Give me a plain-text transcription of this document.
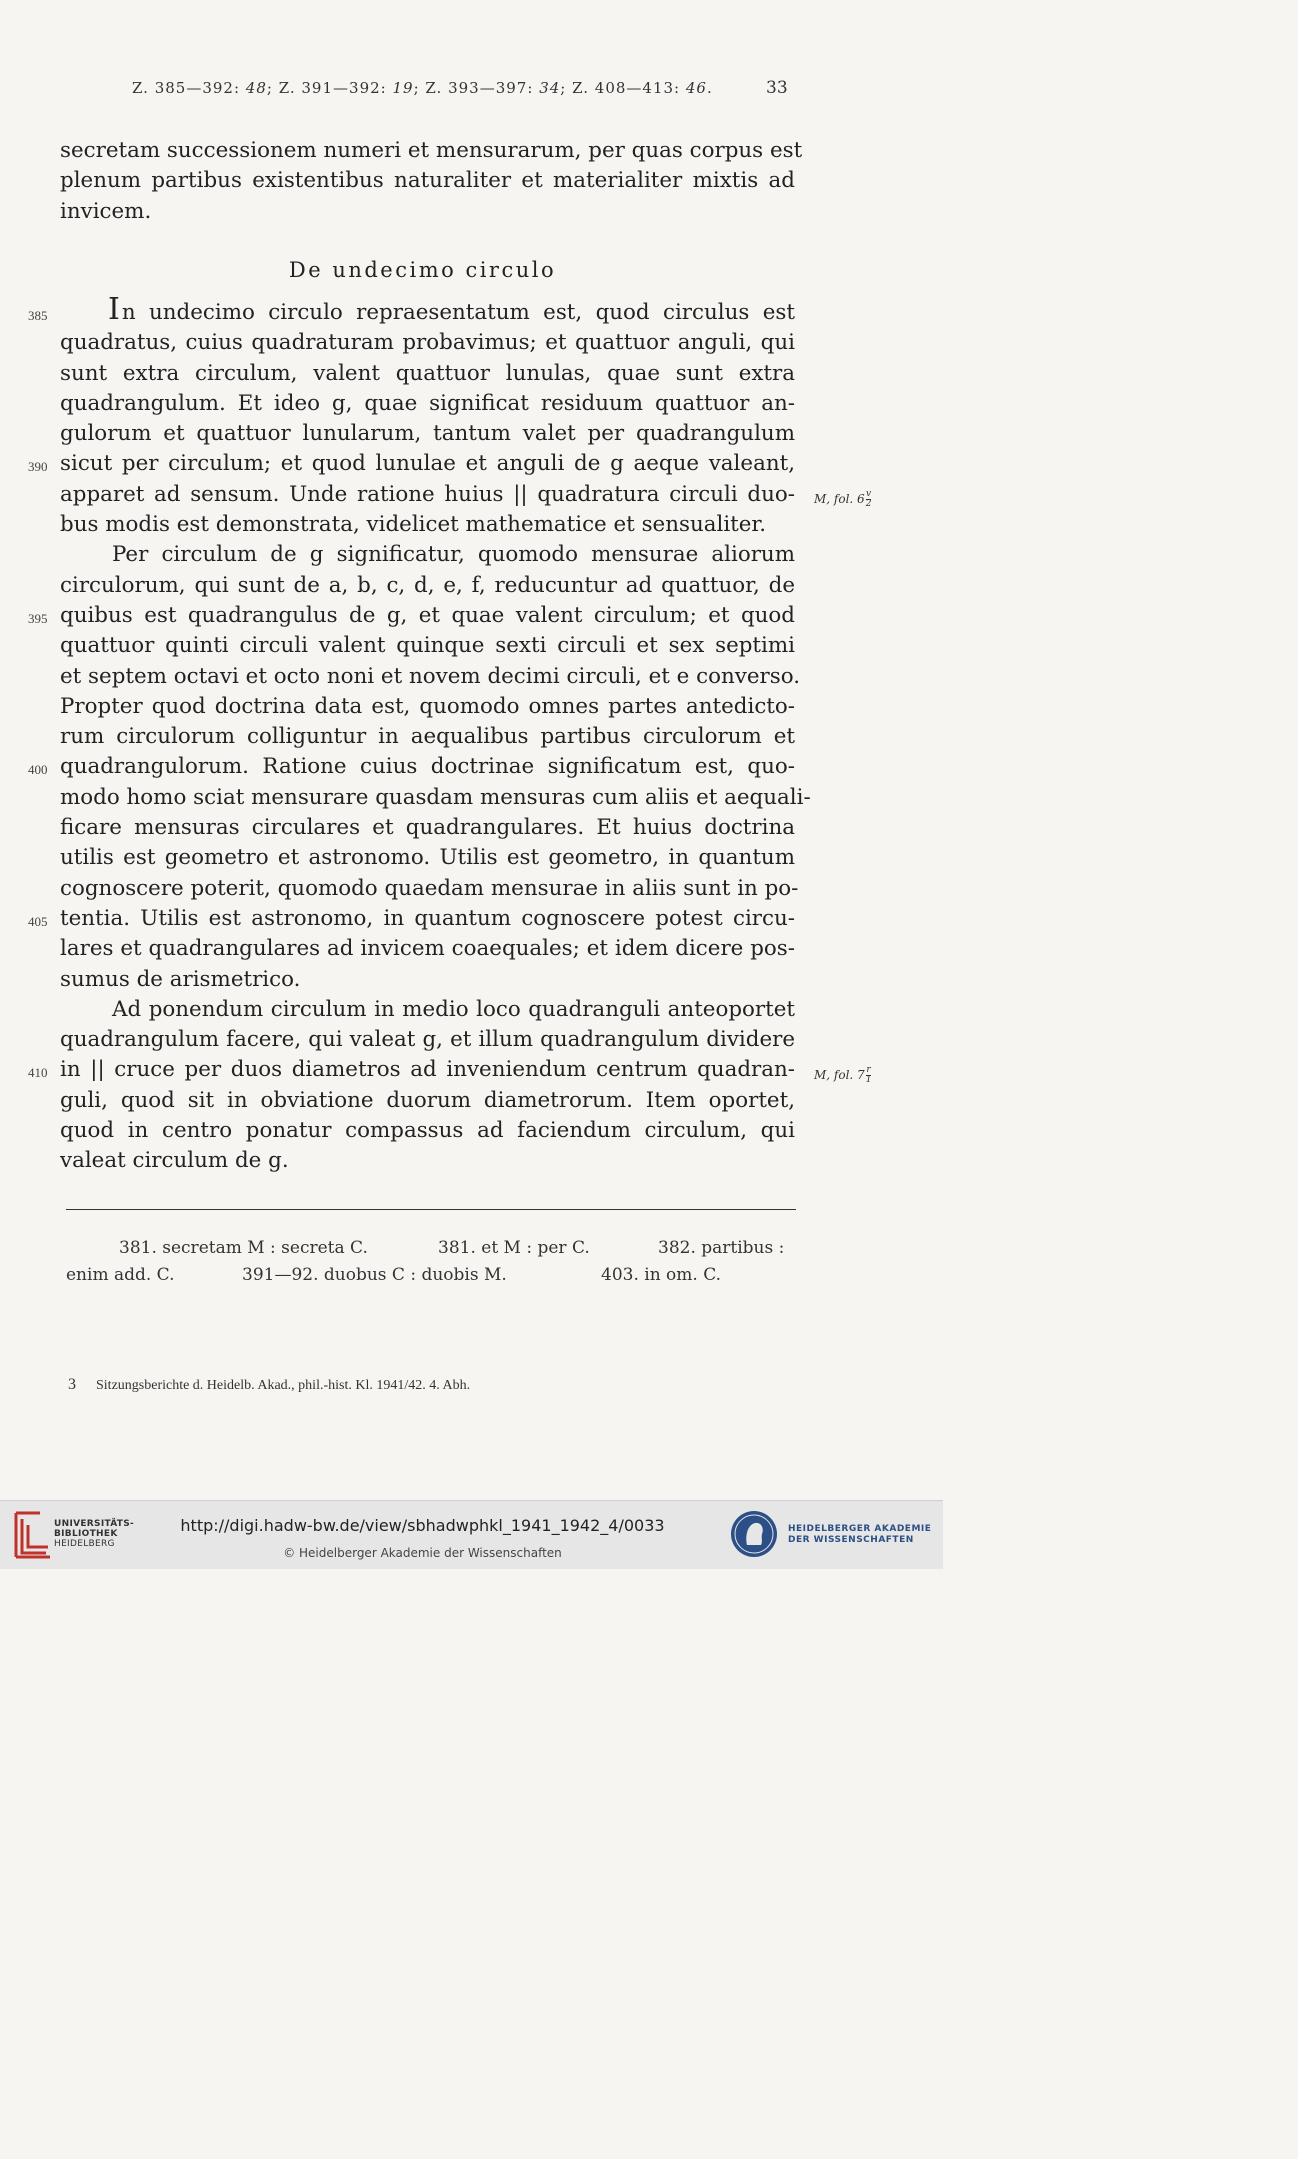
Z. 385—392: 48; Z. 391—392: 19; Z. 393—397: 34; Z. 408—413: 46.	33
secretam successionem numeri et mensurarum, per quas corpus est
plenum partibus existentibus naturaliter et materialiter mixtis ad
invicem.
De undecimo circulo
385 In undecimo circulo repraesentatum est, quod circulus est
quadratus, cuius quadraturam probavimus; et quattuor anguli, qui
sunt extra circulum, valent quattuor lunulas, quae sunt extra
quadrangulum. Et ideo g, quae significat residuum quattuor an-
gulorum et quattuor lunularum, tantum valet per quadrangulum
390 sicut per circulum; et quod lunulae et anguli de g aeque valeant,
apparet ad sensum. Unde ratione huius || quadratura circuli duo-
bus modis est demonstrata, videlicet mathematice et sensualiter.
Per circulum de g significatur, quomodo mensurae aliorum
circulorum, qui sunt de a, b, c, d, e, f, reducuntur ad quattuor, de
395 quibus est quadrangulus de g, et quae valent circulum; et quod
quattuor quinti circuli valent quinque sexti circuli et sex septimi
et septem octavi et octo noni et novem decimi circuli, et e converso.
Propter quod doctrina data est, quomodo omnes partes antedicto-
rum circulorum colliguntur in aequalibus partibus circulorum et
400 quadrangulorum. Ratione cuius doctrinae significatum est, quo-
modo homo sciat mensurare quasdam mensuras cum aliis et aequali-
ficare mensuras circulares et quadrangulares. Et huius doctrina
utilis est geometro et astronomo. Utilis est geometro, in quantum
cognoscere poterit, quomodo quaedam mensurae in aliis sunt in po-
405 tentia. Utilis est astronomo, in quantum cognoscere potest circu-
lares et quadrangulares ad invicem coaequales; et idem dicere pos-
sumus de arismetrico.
Ad ponendum circulum in medio loco quadranguli anteoportet
quadrangulum facere, qui valeat g, et illum quadrangulum dividere
410 in || cruce per duos diametros ad inveniendum centrum quadran-
guli, quod sit in obviatione duorum diametrorum. Item oportet,
quod in centro ponatur compassus ad faciendum circulum, qui
valeat circulum de g.
M, fol. $6 \frac{v}{2}$
M, fol. $7 \frac{r}{1}$
381. secretam M : secreta C.	381. et M : per C.	382. partibus :
enim add. C.	391—92. duobus C : duobis M.	403. in om. C.
3 Sitzungsberichte d. Heidelb. Akad., phil.-hist. Kl. 1941/42. 4. Abh.
UNIVERSITÄTS-
BIBLIOTHEK
HEIDELBERG
http://digi.hadw-bw.de/view/sbhadwphkl_1941_1942_4/0033
© Heidelberger Akademie der Wissenschaften
HEIDELBERGER AKADEMIE
DER WISSENSCHAFTEN
